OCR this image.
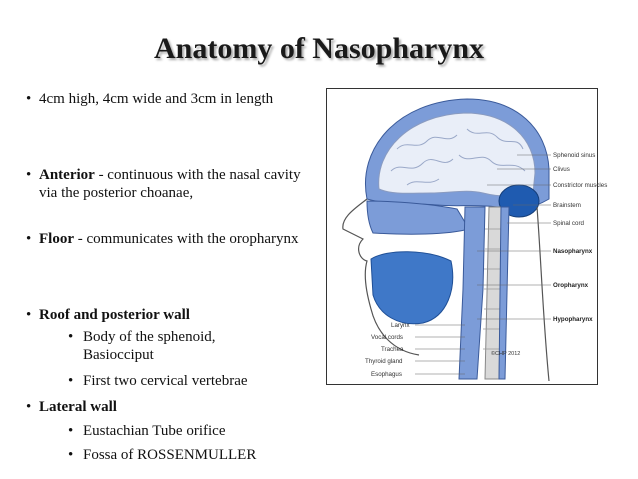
Anatomy of Nasopharynx
• 4cm high, 4cm wide and 3cm in length
• Anterior - continuous with the nasal cavity via the posterior choanae,
• Floor - communicates with the oropharynx
• Roof and posterior wall
• Body of the sphenoid, Basiocciput
• First two cervical vertebrae
• Lateral wall
• Eustachian Tube orifice
• Fossa of ROSSENMULLER
Sphenoid sinus
Clivus
Constrictor muscles
Brainstem
Spinal cord
Nasopharynx
Oropharynx
Hypopharynx
Larynx
Vocal cords
Trachea
Thyroid gland
Esophagus
©CHP 2012
